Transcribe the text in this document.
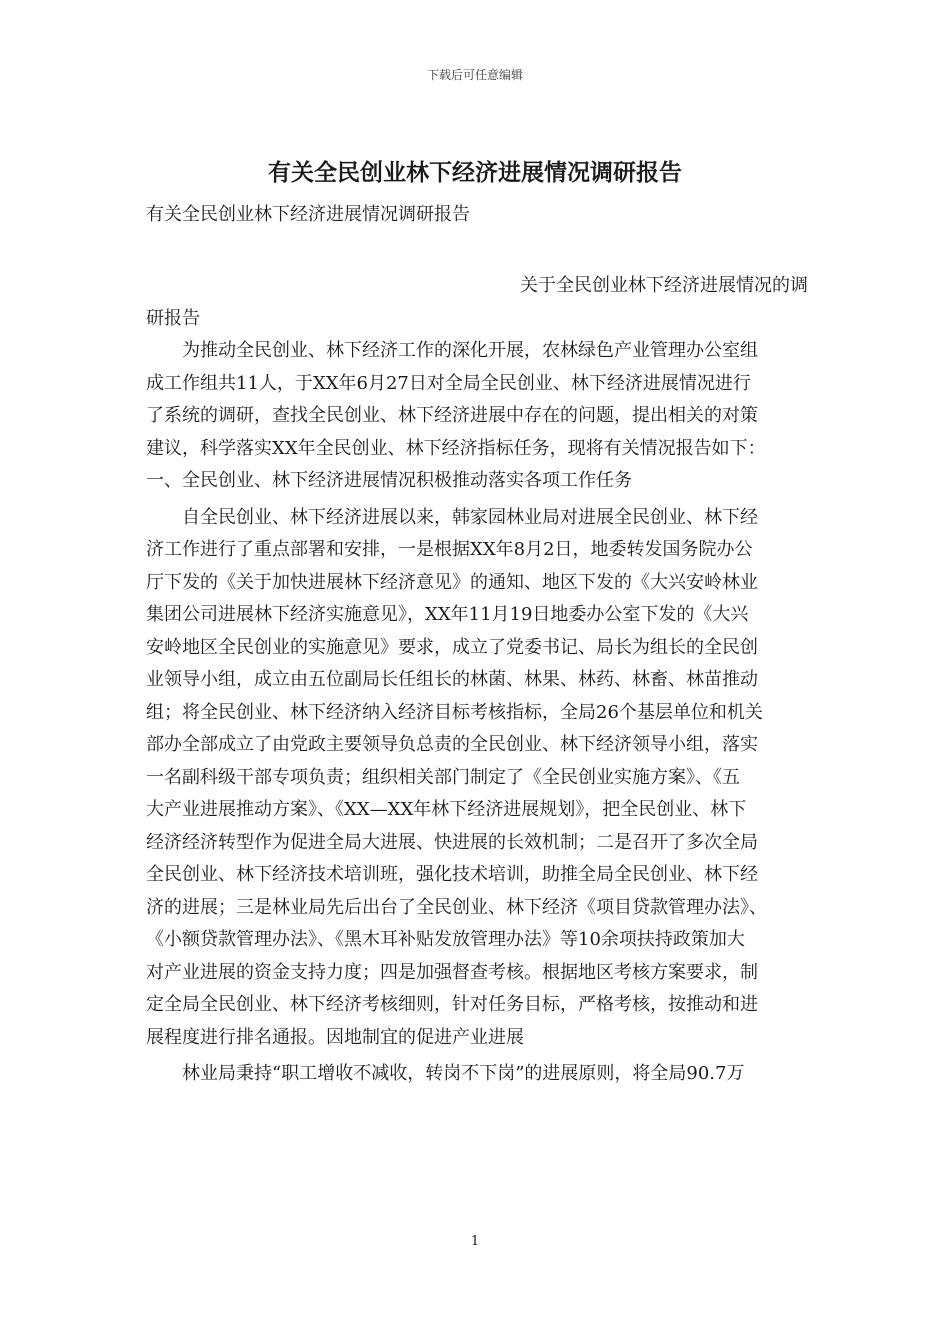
下载后可任意编辑
有关全民创业林下经济进展情况调研报告
有关全民创业林下经济进展情况调研报告
关于全民创业林下经济进展情况的调
研报告
为推动全民创业、林下经济工作的深化开展，农林绿色产业管理办公室组
成工作组共11人，于XX年6月27日对全局全民创业、林下经济进展情况进行
了系统的调研，查找全民创业、林下经济进展中存在的问题，提出相关的对策
建议，科学落实XX年全民创业、林下经济指标任务，现将有关情况报告如下：
一、全民创业、林下经济进展情况积极推动落实各项工作任务
自全民创业、林下经济进展以来，韩家园林业局对进展全民创业、林下经
济工作进行了重点部署和安排，一是根据XX年8月2日，地委转发国务院办公
厅下发的《关于加快进展林下经济意见》的通知、地区下发的《大兴安岭林业
集团公司进展林下经济实施意见》，XX年11月19日地委办公室下发的《大兴
安岭地区全民创业的实施意见》要求，成立了党委书记、局长为组长的全民创
业领导小组，成立由五位副局长任组长的林菌、林果、林药、林畜、林苗推动
组；将全民创业、林下经济纳入经济目标考核指标，全局26个基层单位和机关
部办全部成立了由党政主要领导负总责的全民创业、林下经济领导小组，落实
一名副科级干部专项负责；组织相关部门制定了《全民创业实施方案》、《五
大产业进展推动方案》、《XX—XX年林下经济进展规划》，把全民创业、林下
经济经济转型作为促进全局大进展、快进展的长效机制；二是召开了多次全局
全民创业、林下经济技术培训班，强化技术培训，助推全局全民创业、林下经
济的进展；三是林业局先后出台了全民创业、林下经济《项目贷款管理办法》、
《小额贷款管理办法》、《黑木耳补贴发放管理办法》等10余项扶持政策加大
对产业进展的资金支持力度；四是加强督查考核。根据地区考核方案要求，制
定全局全民创业、林下经济考核细则，针对任务目标，严格考核，按推动和进
展程度进行排名通报。因地制宜的促进产业进展
林业局秉持“职工增收不减收，转岗不下岗”的进展原则，将全局90.7万
1
